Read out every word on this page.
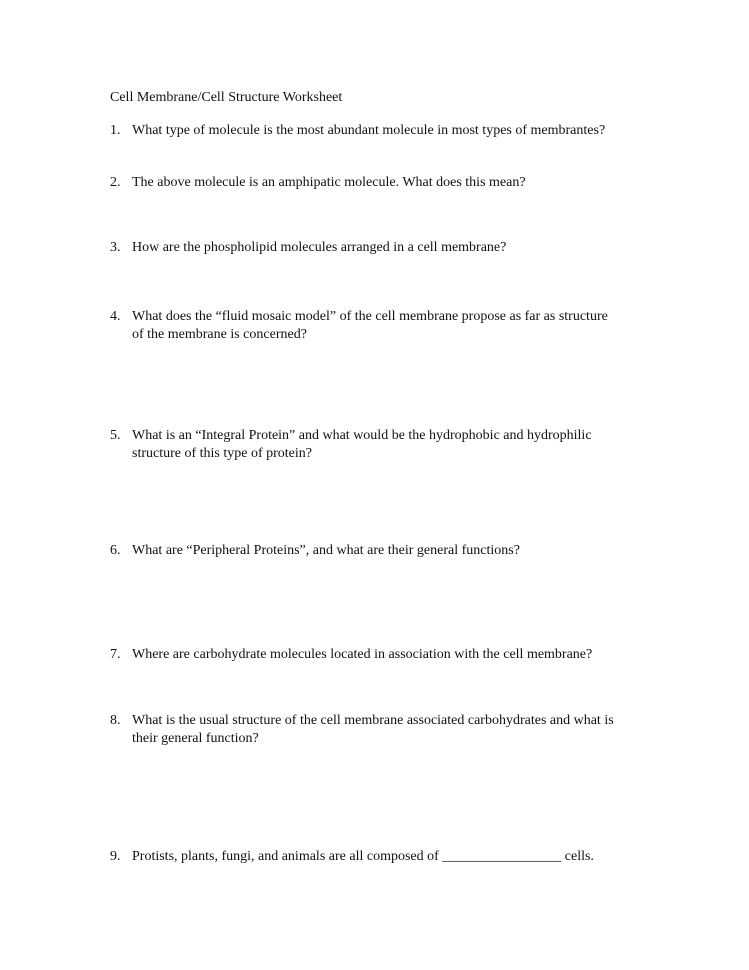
Cell Membrane/Cell Structure Worksheet
1. What type of molecule is the most abundant molecule in most types of membrantes?
2. The above molecule is an amphipatic molecule. What does this mean?
3. How are the phospholipid molecules arranged in a cell membrane?
4. What does the “fluid mosaic model” of the cell membrane propose as far as structure
of the membrane is concerned?
5. What is an “Integral Protein” and what would be the hydrophobic and hydrophilic
structure of this type of protein?
6. What are “Peripheral Proteins”, and what are their general functions?
7. Where are carbohydrate molecules located in association with the cell membrane?
8. What is the usual structure of the cell membrane associated carbohydrates and what is
their general function?
9. Protists, plants, fungi, and animals are all composed of _________________ cells.
